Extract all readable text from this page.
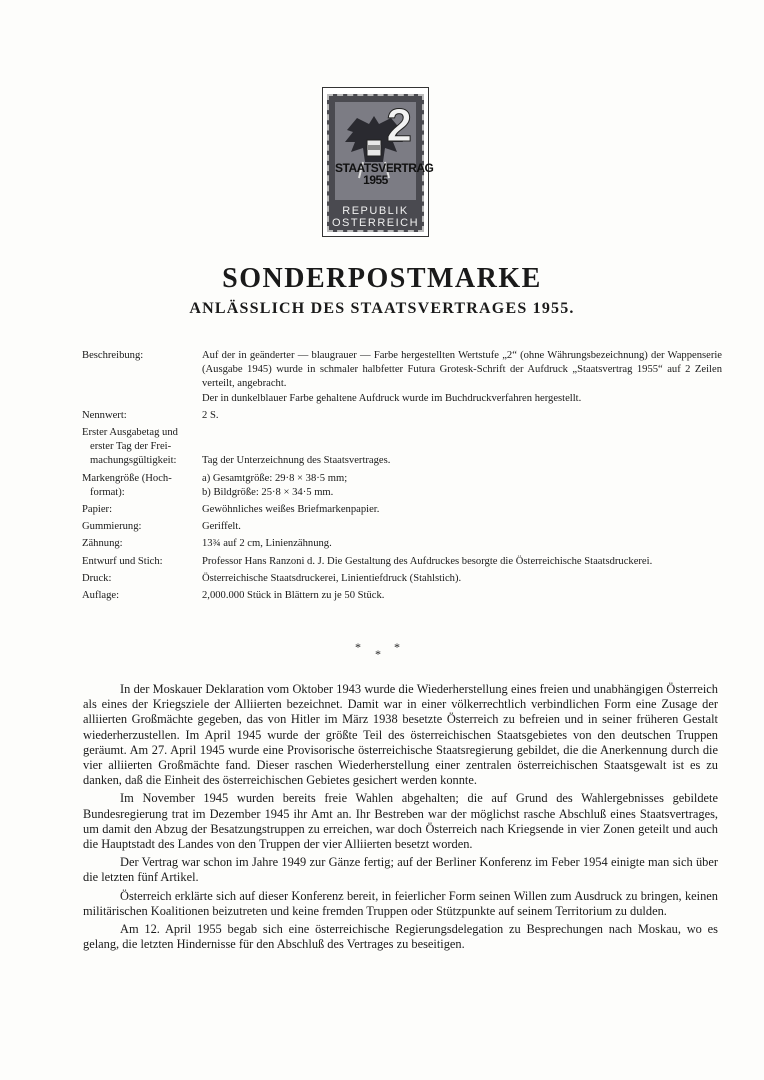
2
STAATSVERTRAG
1955
REPUBLIK
OSTERREICH
SONDERPOSTMARKE
ANLÄSSLICH DES STAATSVERTRAGES 1955.
Beschreibung:	Auf der in geänderter — blaugrauer — Farbe hergestellten Wertstufe „2“ (ohne Währungsbezeichnung) der Wappenserie (Ausgabe 1945) wurde in schmaler halbfetter Futura Grotesk-Schrift der Aufdruck „Staatsvertrag 1955“ auf 2 Zeilen verteilt, angebracht.
Der in dunkelblauer Farbe gehaltene Aufdruck wurde im Buchdruckverfahren hergestellt.
Nennwert:	2 S.
Erster Ausgabetag und
erster Tag der Frei-
machungsgültigkeit:	Tag der Unterzeichnung des Staatsvertrages.
Markengröße (Hoch-
format):
a) Gesamtgröße: 29·8 × 38·5 mm;
b) Bildgröße: 25·8 × 34·5 mm.
Papier:	Gewöhnliches weißes Briefmarkenpapier.
Gummierung:	Geriffelt.
Zähnung:	13¾ auf 2 cm, Linienzähnung.
Entwurf und Stich:	Professor Hans Ranzoni d. J. Die Gestaltung des Aufdruckes besorgte die Österreichische Staatsdruckerei.
Druck:	Österreichische Staatsdruckerei, Linientiefdruck (Stahlstich).
Auflage:	2,000.000 Stück in Blättern zu je 50 Stück.
* * *

In der Moskauer Deklaration vom Oktober 1943 wurde die Wiederherstellung eines freien und unabhängigen Österreich als eines der Kriegsziele der Alliierten bezeichnet. Damit war in einer völkerrechtlich verbindlichen Form eine Zusage der alliierten Großmächte gegeben, das von Hitler im März 1938 besetzte Österreich zu befreien und in seiner früheren Gestalt wiederherzustellen. Im April 1945 wurde der größte Teil des österreichischen Staatsgebietes von den deutschen Truppen geräumt. Am 27. April 1945 wurde eine Provisorische österreichische Staatsregierung gebildet, die die Anerkennung durch die vier alliierten Großmächte fand. Dieser raschen Wiederherstellung einer zentralen österreichischen Staatsgewalt ist es zu danken, daß die Einheit des österreichischen Gebietes gesichert werden konnte.

Im November 1945 wurden bereits freie Wahlen abgehalten; die auf Grund des Wahlergebnisses gebildete Bundesregierung trat im Dezember 1945 ihr Amt an. Ihr Bestreben war der möglichst rasche Abschluß eines Staatsvertrages, um damit den Abzug der Besatzungstruppen zu erreichen, war doch Österreich nach Kriegsende in vier Zonen geteilt und auch die Hauptstadt des Landes von den Truppen der vier Alliierten besetzt worden.

Der Vertrag war schon im Jahre 1949 zur Gänze fertig; auf der Berliner Konferenz im Feber 1954 einigte man sich über die letzten fünf Artikel.

Österreich erklärte sich auf dieser Konferenz bereit, in feierlicher Form seinen Willen zum Ausdruck zu bringen, keinen militärischen Koalitionen beizutreten und keine fremden Truppen oder Stützpunkte auf seinem Territorium zu dulden.

Am 12. April 1955 begab sich eine österreichische Regierungsdelegation zu Besprechungen nach Moskau, wo es gelang, die letzten Hindernisse für den Abschluß des Vertrages zu beseitigen.
